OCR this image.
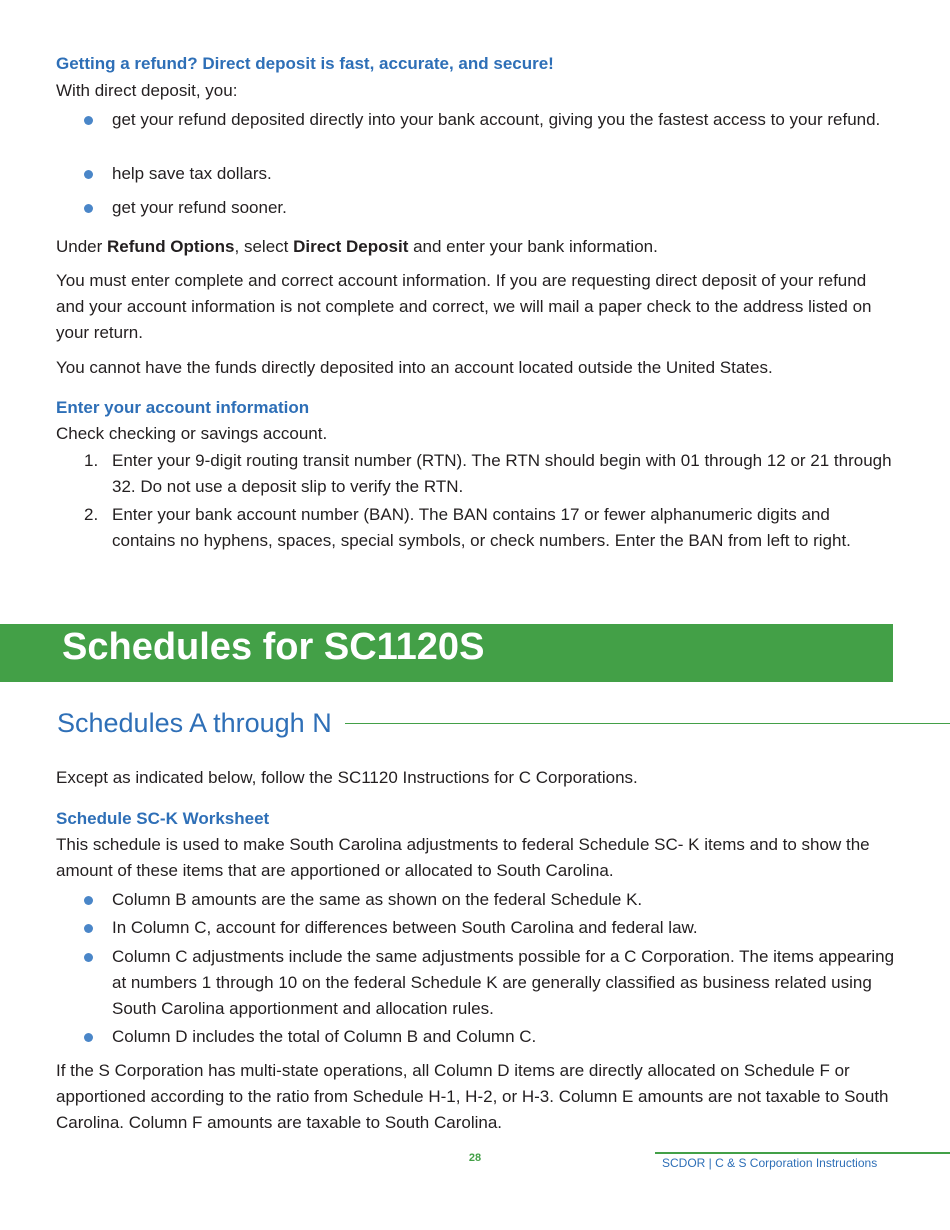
Getting a refund? Direct deposit is fast, accurate, and secure!
With direct deposit, you:
get your refund deposited directly into your bank account, giving you the fastest access to your refund.
help save tax dollars.
get your refund sooner.
Under Refund Options, select Direct Deposit and enter your bank information.
You must enter complete and correct account information. If you are requesting direct deposit of your refund and your account information is not complete and correct, we will mail a paper check to the address listed on your return.
You cannot have the funds directly deposited into an account located outside the United States.
Enter your account information
Check checking or savings account.
1. Enter your 9-digit routing transit number (RTN). The RTN should begin with 01 through 12 or 21 through 32. Do not use a deposit slip to verify the RTN.
2. Enter your bank account number (BAN). The BAN contains 17 or fewer alphanumeric digits and contains no hyphens, spaces, special symbols, or check numbers. Enter the BAN from left to right.
Schedules for SC1120S
Schedules A through N
Except as indicated below, follow the SC1120 Instructions for C Corporations.
Schedule SC-K Worksheet
This schedule is used to make South Carolina adjustments to federal Schedule SC- K items and to show the amount of these items that are apportioned or allocated to South Carolina.
Column B amounts are the same as shown on the federal Schedule K.
In Column C, account for differences between South Carolina and federal law.
Column C adjustments include the same adjustments possible for a C Corporation. The items appearing at numbers 1 through 10 on the federal Schedule K are generally classified as business related using South Carolina apportionment and allocation rules.
Column D includes the total of Column B and Column C.
If the S Corporation has multi-state operations, all Column D items are directly allocated on Schedule F or apportioned according to the ratio from Schedule H-1, H-2, or H-3. Column E amounts are not taxable to South Carolina. Column F amounts are taxable to South Carolina.
28	SCDOR | C & S Corporation Instructions
